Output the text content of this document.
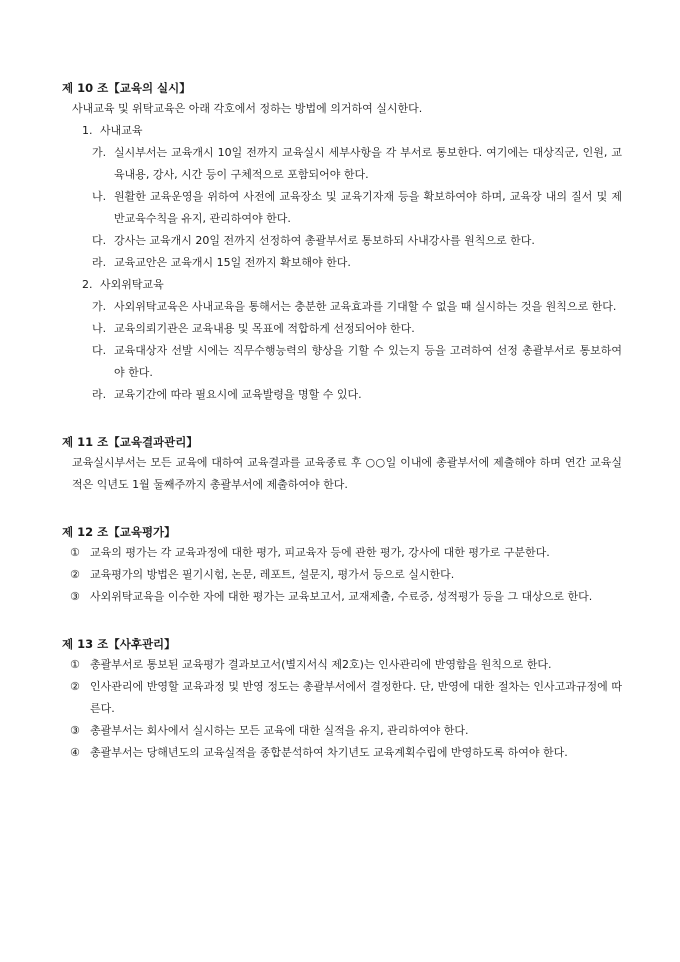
제 10 조【교육의 실시】
사내교육 및 위탁교육은 아래 각호에서 정하는 방법에 의거하여 실시한다.
1. 사내교육
가. 실시부서는 교육개시 10일 전까지 교육실시 세부사항을 각 부서로 통보한다. 여기에는 대상직군, 인원, 교육내용, 강사, 시간 등이 구체적으로 포함되어야 한다.
나. 원활한 교육운영을 위하여 사전에 교육장소 및 교육기자재 등을 확보하여야 하며, 교육장 내의 질서 및 제반교육수칙을 유지, 관리하여야 한다.
다. 강사는 교육개시 20일 전까지 선정하여 총괄부서로 통보하되 사내강사를 원칙으로 한다.
라. 교육교안은 교육개시 15일 전까지 확보해야 한다.
2. 사외위탁교육
가. 사외위탁교육은 사내교육을 통해서는 충분한 교육효과를 기대할 수 없을 때 실시하는 것을 원칙으로 한다.
나. 교육의뢰기관은 교육내용 및 목표에 적합하게 선정되어야 한다.
다. 교육대상자 선발 시에는 직무수행능력의 향상을 기할 수 있는지 등을 고려하여 선정 총괄부서로 통보하여야 한다.
라. 교육기간에 따라 필요시에 교육발령을 명할 수 있다.
제 11 조【교육결과관리】
교육실시부서는 모든 교육에 대하여 교육결과를 교육종료 후 ○○일 이내에 총괄부서에 제출해야 하며 연간 교육실적은 익년도 1월 둘째주까지 총괄부서에 제출하여야 한다.
제 12 조【교육평가】
① 교육의 평가는 각 교육과정에 대한 평가, 피교육자 등에 관한 평가, 강사에 대한 평가로 구분한다.
② 교육평가의 방법은 필기시험, 논문, 레포트, 설문지, 평가서 등으로 실시한다.
③ 사외위탁교육을 이수한 자에 대한 평가는 교육보고서, 교재제출, 수료증, 성적평가 등을 그 대상으로 한다.
제 13 조【사후관리】
① 총괄부서로 통보된 교육평가 결과보고서(별지서식 제2호)는 인사관리에 반영함을 원칙으로 한다.
② 인사관리에 반영할 교육과정 및 반영 정도는 총괄부서에서 결정한다. 단, 반영에 대한 절차는 인사고과규정에 따른다.
③ 총괄부서는 회사에서 실시하는 모든 교육에 대한 실적을 유지, 관리하여야 한다.
④ 총괄부서는 당해년도의 교육실적을 종합분석하여 차기년도 교육계획수립에 반영하도록 하여야 한다.
